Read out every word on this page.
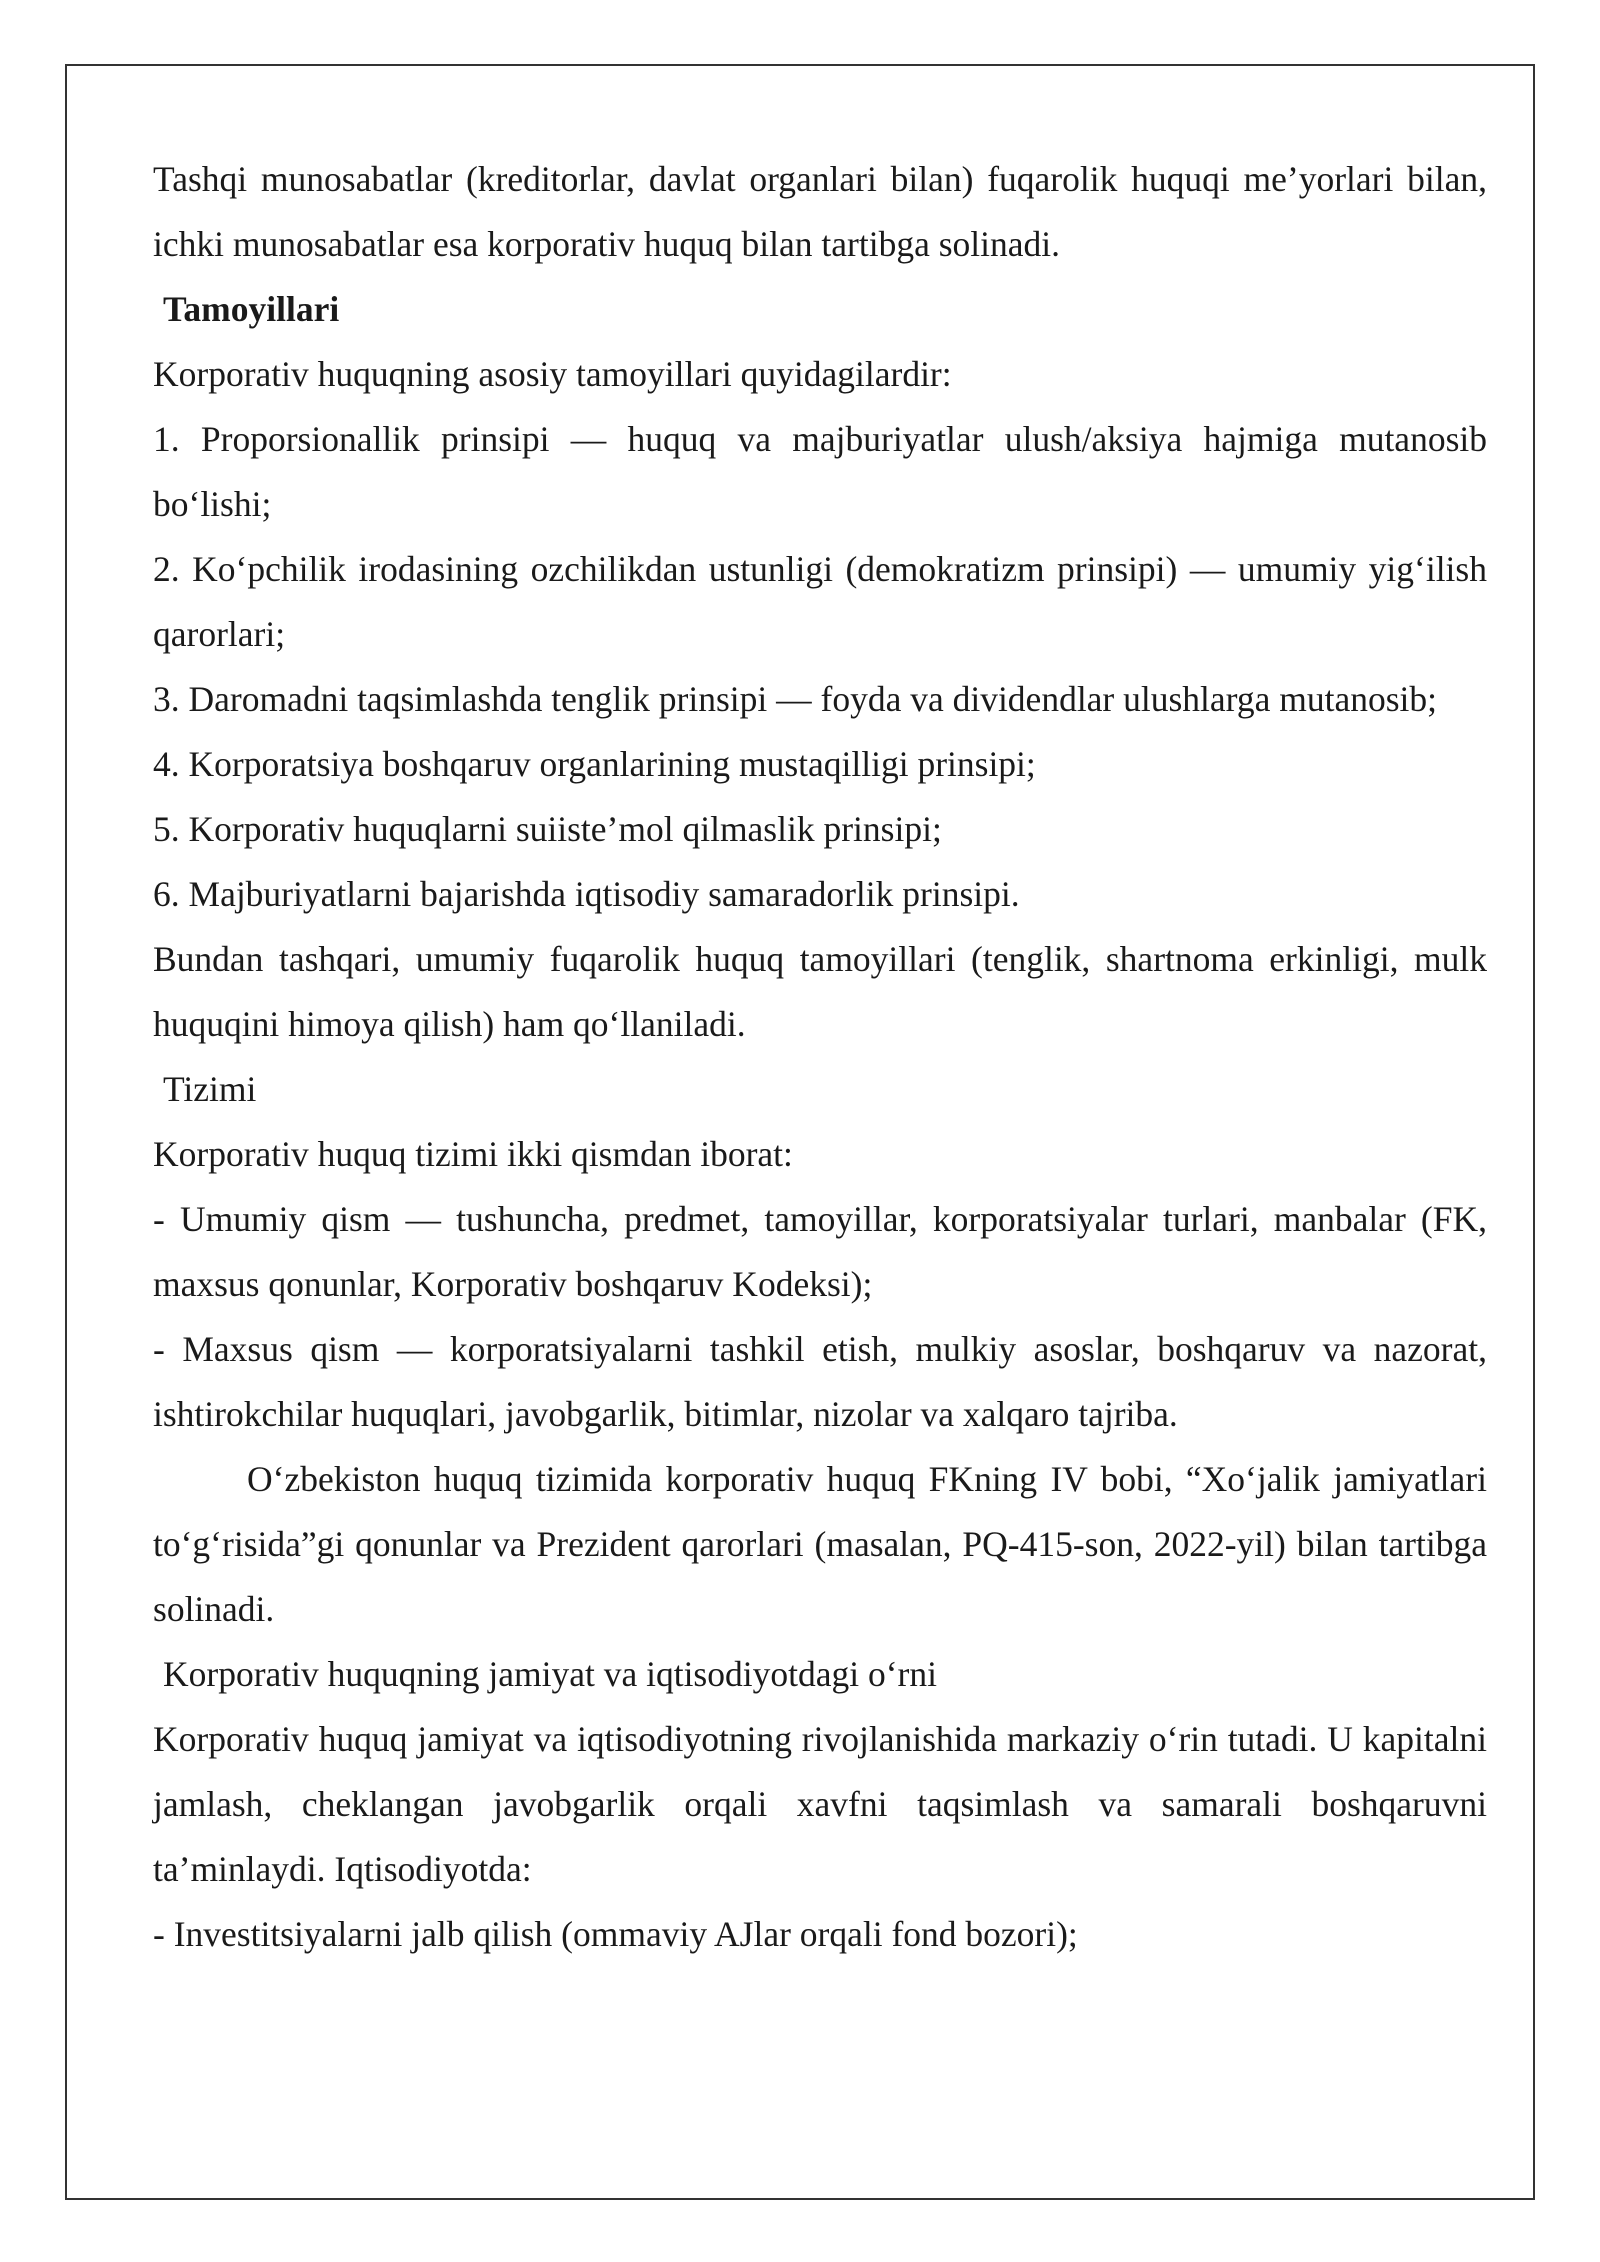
Tashqi munosabatlar (kreditorlar, davlat organlari bilan) fuqarolik huquqi me’yorlari bilan, ichki munosabatlar esa korporativ huquq bilan tartibga solinadi.

Tamoyillari

Korporativ huquqning asosiy tamoyillari quyidagilardir:

1. Proporsionallik prinsipi — huquq va majburiyatlar ulush/aksiya hajmiga mutanosib bo‘lishi;

2. Ko‘pchilik irodasining ozchilikdan ustunligi (demokratizm prinsipi) — umumiy yig‘ilish qarorlari;

3. Daromadni taqsimlashda tenglik prinsipi — foyda va dividendlar ulushlarga mutanosib;

4. Korporatsiya boshqaruv organlarining mustaqilligi prinsipi;

5. Korporativ huquqlarni suiiste’mol qilmaslik prinsipi;

6. Majburiyatlarni bajarishda iqtisodiy samaradorlik prinsipi.

Bundan tashqari, umumiy fuqarolik huquq tamoyillari (tenglik, shartnoma erkinligi, mulk huquqini himoya qilish) ham qo‘llaniladi.

Tizimi

Korporativ huquq tizimi ikki qismdan iborat:

- Umumiy qism — tushuncha, predmet, tamoyillar, korporatsiyalar turlari, manbalar (FK, maxsus qonunlar, Korporativ boshqaruv Kodeksi);

- Maxsus qism — korporatsiyalarni tashkil etish, mulkiy asoslar, boshqaruv va nazorat, ishtirokchilar huquqlari, javobgarlik, bitimlar, nizolar va xalqaro tajriba.

O‘zbekiston huquq tizimida korporativ huquq FKning IV bobi, “Xo‘jalik jamiyatlari to‘g‘risida”gi qonunlar va Prezident qarorlari (masalan, PQ-415-son, 2022-yil) bilan tartibga solinadi.

Korporativ huquqning jamiyat va iqtisodiyotdagi o‘rni

Korporativ huquq jamiyat va iqtisodiyotning rivojlanishida markaziy o‘rin tutadi. U kapitalni jamlash, cheklangan javobgarlik orqali xavfni taqsimlash va samarali boshqaruvni ta’minlaydi. Iqtisodiyotda:

- Investitsiyalarni jalb qilish (ommaviy AJlar orqali fond bozori);
